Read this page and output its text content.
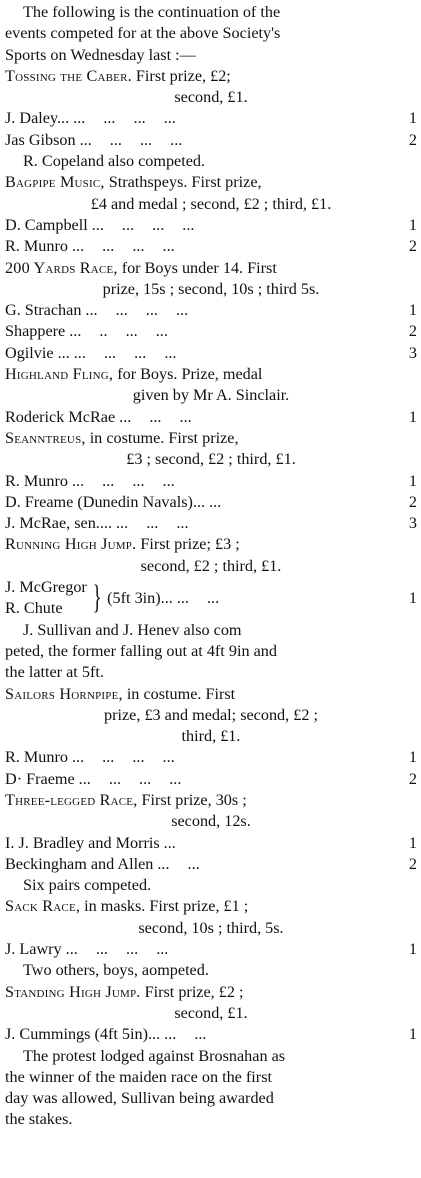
The following is the continuation of the
events competed for at the above Society's
Sports on Wednesday last :—
Tossing the Caber. First prize, £2;
second, £1.
J. Daley... ... ... ... ...	1
Jas Gibson ... ... ... ...	2
R. Copeland also competed.
Bagpipe Music, Strathspeys. First prize,
£4 and medal ; second, £2 ; third, £1.
D. Campbell ... ... ... ...	1
R. Munro ... ... ... ...	2
200 Yards Race, for Boys under 14. First
prize, 15s ; second, 10s ; third 5s.
G. Strachan ... ... ... ...	1
Shappere ... .. ... ...	2
Ogilvie ... ... ... ... ...	3
Highland Fling, for Boys. Prize, medal
given by Mr A. Sinclair.
Roderick McRae ... ... ...	1
Seanntreus, in costume. First prize,
£3 ; second, £2 ; third, £1.
R. Munro ... ... ... ...	1
D. Freame (Dunedin Navals)... ...	2
J. McRae, sen.... ... ... ...	3
Running High Jump. First prize; £3 ;
second, £2 ; third, £1.
J. McGregor
R. Chute } (5ft 3in)... ... ...	1
J. Sullivan and J. Henev also com
peted, the former falling out at 4ft 9in and
the latter at 5ft.
Sailors Hornpipe, in costume. First
prize, £3 and medal; second, £2 ;
third, £1.
R. Munro ... ... ... ...	1
D· Fraeme ... ... ... ...	2
Three-legged Race, First prize, 30s ;
second, 12s.
I. J. Bradley and Morris ...	1
Beckingham and Allen ... ...	2
Six pairs competed.
Sack Race, in masks. First prize, £1 ;
second, 10s ; third, 5s.
J. Lawry ... ... ... ...	1
Two others, boys, aompeted.
Standing High Jump. First prize, £2 ;
second, £1.
J. Cummings (4ft 5in)... ... ...	1
The protest lodged against Brosnahan as
the winner of the maiden race on the first
day was allowed, Sullivan being awarded
the stakes.
